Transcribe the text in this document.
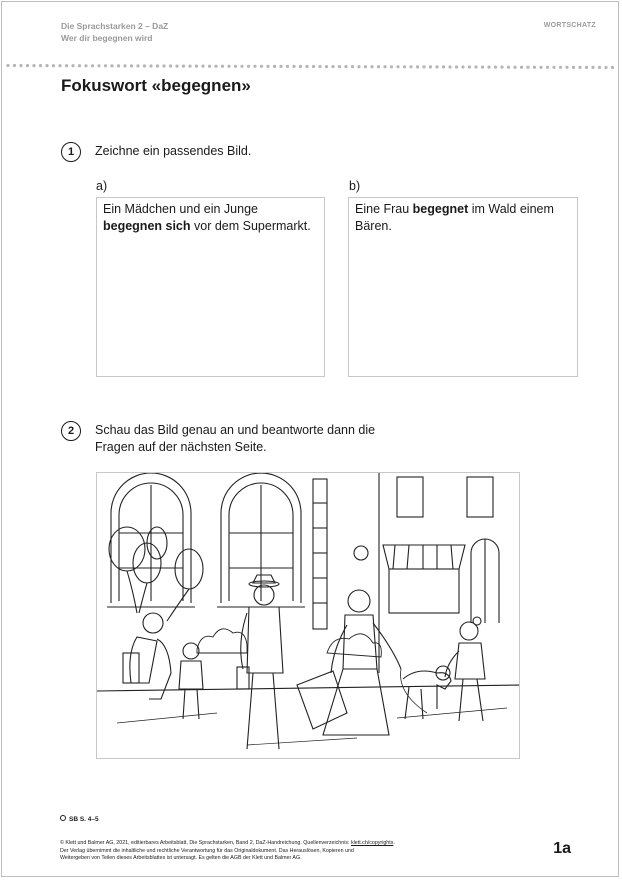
Die Sprachstarken 2 – DaZ
Wer dir begegnen wird
WORTSCHATZ
Fokuswort «begegnen»
1	Zeichne ein passendes Bild.
a)	b)
Ein Mädchen und ein Junge
begegnen sich vor dem Supermarkt.
Eine Frau begegnet im Wald einem Bären.
2	Schau das Bild genau an und beantworte dann die
Fragen auf der nächsten Seite.
SB S. 4–5
© Klett und Balmer AG, 2021, editierbares Arbeitsblatt, Die Sprachstarken, Band 2, DaZ-Handreichung. Quellenverzeichnis: klett.ch/copyrights.
Der Verlag übernimmt die inhaltliche und rechtliche Verantwortung für das Originaldokument. Das Herauslösen, Kopieren und
Weitergeben von Teilen dieses Arbeitsblattes ist untersagt. Es gelten die AGB der Klett und Balmer AG.
1a
